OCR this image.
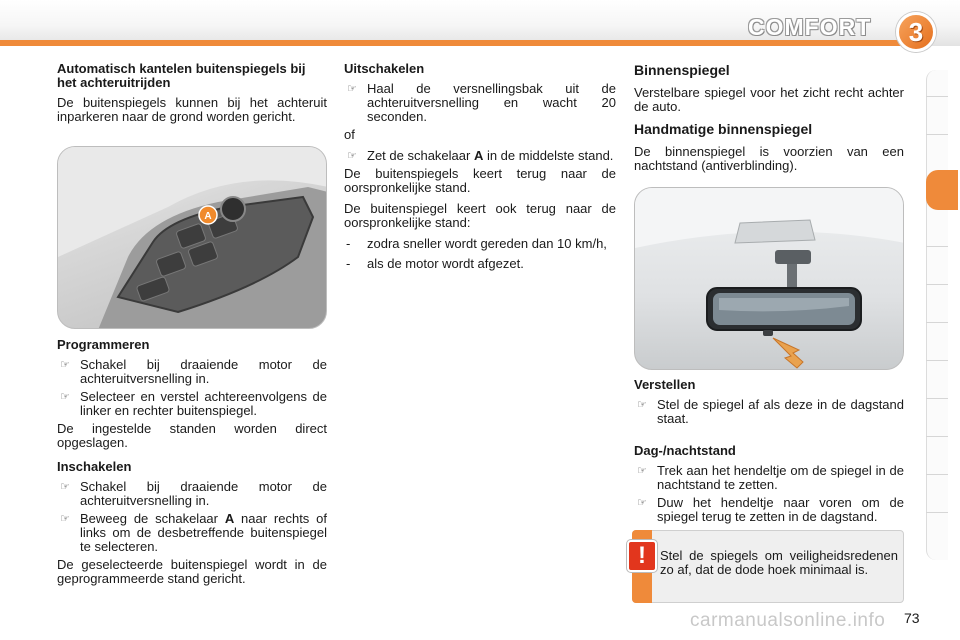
COMFORT 3
Automatisch kantelen buitenspiegels bij het achteruitrijden

De buitenspiegels kunnen bij het achteruit inparkeren naar de grond worden gericht.

A
Programmeren
☞ Schakel bij draaiende motor de achteruitversnelling in.
☞ Selecteer en verstel achtereenvolgens de linker en rechter buitenspiegel.

De ingestelde standen worden direct opgeslagen.

Inschakelen
☞ Schakel bij draaiende motor de achteruitversnelling in.
☞ Beweeg de schakelaar A naar rechts of links om de desbetreffende buitenspiegel te selecteren.

De geselecteerde buitenspiegel wordt in de geprogrammeerde stand gericht.

Uitschakelen
☞ Haal de versnellingsbak uit de achteruitversnelling en wacht 20 seconden.

of

☞ Zet de schakelaar A in de middelste stand.

De buitenspiegels keert terug naar de oorspronkelijke stand.

De buitenspiegel keert ook terug naar de oorspronkelijke stand:

-	zodra sneller wordt gereden dan 10 km/h,
-	als de motor wordt afgezet.
Binnenspiegel

Verstelbare spiegel voor het zicht recht achter de auto.

Handmatige binnenspiegel

De binnenspiegel is voorzien van een nachtstand (antiverblinding).

Verstellen
☞ Stel de spiegel af als deze in de dagstand staat.
Dag-/nachtstand
☞ Trek aan het hendeltje om de spiegel in de nachtstand te zetten.
☞ Duw het hendeltje naar voren om de spiegel terug te zetten in de dagstand.
!	Stel de spiegels om veiligheidsredenen zo af, dat de dode hoek minimaal is.
carmanualsonline.info 73
